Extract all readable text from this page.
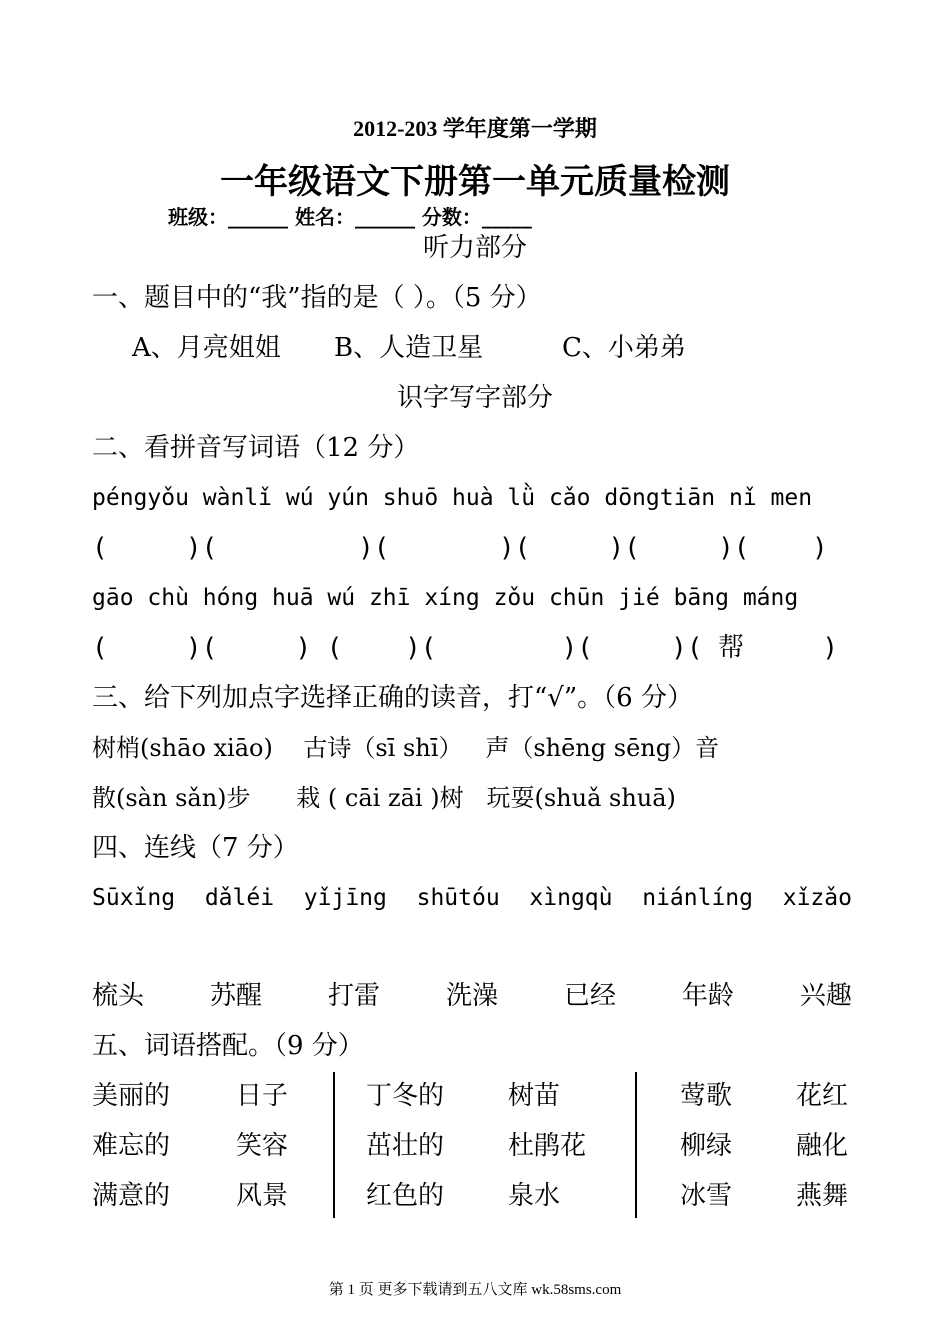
2012-203 学年度第一学期
一年级语文下册第一单元质量检测
班级：______ 姓名：______ 分数：_____
听力部分
一、题目中的“我”指的是（ ）。（5 分）
A、月亮姐姐 B、人造卫星	C、小弟弟
识字写字部分
二、看拼音写词语（12 分）
péngyǒu wànlǐ wú yún shuō huà lǜ cǎo dōngtiān nǐ men
(     )(         )(       )(     )(     )(    )
gāo chù hóng huā wú zhī xíng zǒu chūn jié bāng máng
(     )(     ) (    )(        )(     )( 帮     )
三、给下列加点字选择正确的读音，打“√”。（6 分）
树梢(shāo xiāo)    古诗（sī shī）   声（shēng sēng）音
散(sàn sǎn)步      栽 ( cāi zāi )树   玩耍(shuǎ shuā)
四、连线（7 分）
Sūxǐng dǎléi yǐjīng shūtóu xìngqù niánlíng xǐzǎo
梳头	苏醒	打雷	洗澡	已经	年龄	兴趣
五、词语搭配。（9 分）
美丽的	日子	丁冬的 树苗	莺歌 花红
难忘的	笑容	茁壮的 杜鹃花	柳绿 融化
满意的	风景	红色的 泉水	冰雪 燕舞
第 1 页 更多下载请到五八文库 wk.58sms.com
